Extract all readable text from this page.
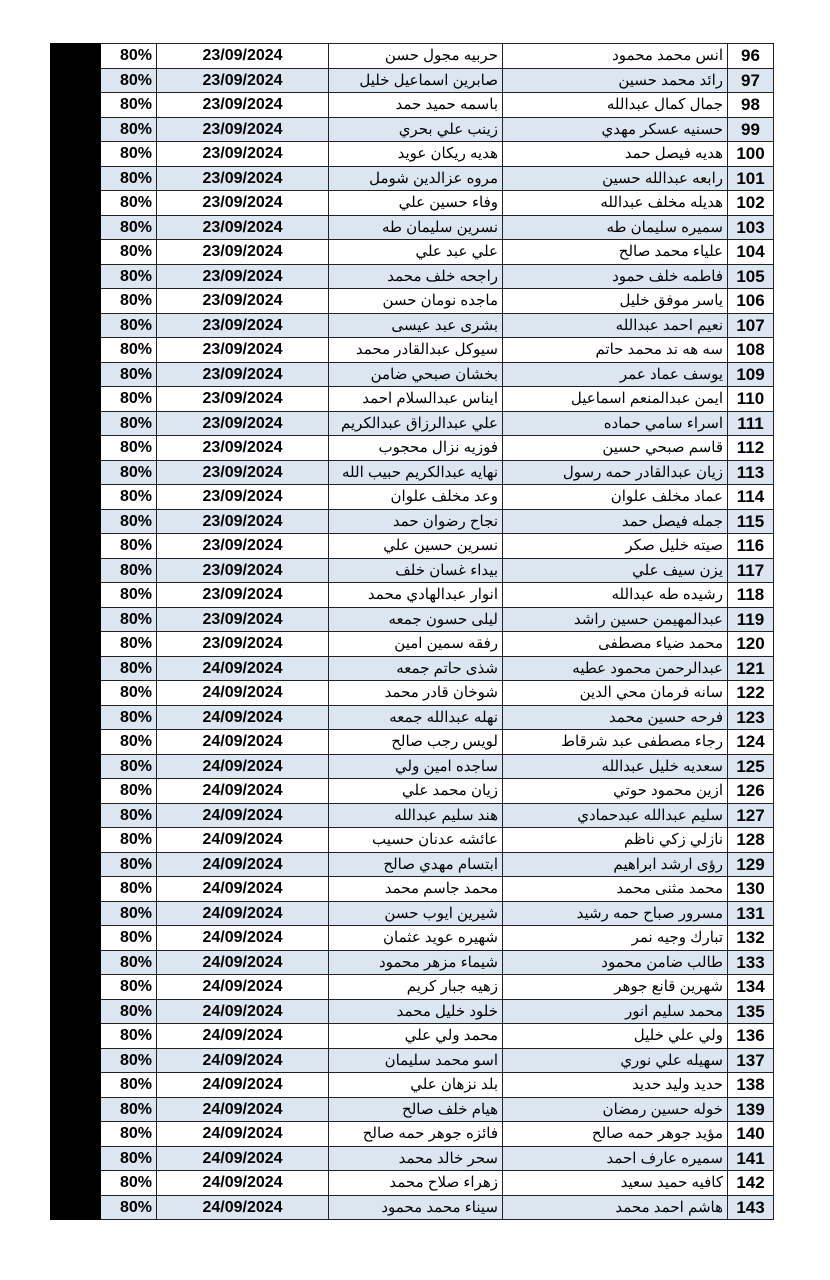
	80%	23/09/2024	حربيه مجول حسن	انس محمد محمود	96
	80%	23/09/2024	صابرين اسماعيل خليل	رائد محمد حسين	97
	80%	23/09/2024	باسمه حميد حمد	جمال كمال عبدالله	98
	80%	23/09/2024	زينب علي بحري	حسنيه عسكر مهدي	99
	80%	23/09/2024	هديه ريكان عويد	هديه فيصل حمد	100
	80%	23/09/2024	مروه عزالدين شومل	رابعه عبدالله حسين	101
	80%	23/09/2024	وفاء حسين علي	هديله مخلف عبدالله	102
	80%	23/09/2024	نسرين سليمان طه	سميره سليمان طه	103
	80%	23/09/2024	علي عبد علي	علياء محمد صالح	104
	80%	23/09/2024	راجحه خلف محمد	فاطمه خلف حمود	105
	80%	23/09/2024	ماجده نومان حسن	ياسر موفق خليل	106
	80%	23/09/2024	بشرى عبد عيسى	نعيم احمد عبدالله	107
	80%	23/09/2024	سيوكل عبدالقادر محمد	سه هه ند محمد حاتم	108
	80%	23/09/2024	بخشان صبحي ضامن	يوسف عماد عمر	109
	80%	23/09/2024	ايناس عبدالسلام احمد	ايمن عبدالمنعم اسماعيل	110
	80%	23/09/2024	علي عبدالرزاق عبدالكريم	اسراء سامي حماده	111
	80%	23/09/2024	فوزيه نزال محجوب	قاسم صبحي حسين	112
	80%	23/09/2024	نهايه عبدالكريم حبيب الله	زيان عبدالقادر حمه رسول	113
	80%	23/09/2024	وعد مخلف علوان	عماد مخلف علوان	114
	80%	23/09/2024	نجاح رضوان حمد	جمله فيصل حمد	115
	80%	23/09/2024	نسرين حسين علي	صيته خليل صكر	116
	80%	23/09/2024	بيداء غسان خلف	يزن سيف علي	117
	80%	23/09/2024	انوار عبدالهادي محمد	رشيده طه عبدالله	118
	80%	23/09/2024	ليلى حسون جمعه	عبدالمهيمن حسين راشد	119
	80%	23/09/2024	رفقه سمين امين	محمد ضياء مصطفى	120
	80%	24/09/2024	شذى حاتم جمعه	عبدالرحمن محمود عطيه	121
	80%	24/09/2024	شوخان قادر محمد	سانه فرمان محي الدين	122
	80%	24/09/2024	نهله عبدالله جمعه	فرحه حسين محمد	123
	80%	24/09/2024	لويس رجب صالح	رجاء مصطفى عبد شرقاط	124
	80%	24/09/2024	ساجده امين ولي	سعديه خليل عبدالله	125
	80%	24/09/2024	زيان محمد علي	ازين محمود حوتي	126
	80%	24/09/2024	هند سليم عبدالله	سليم عبدالله عبدحمادي	127
	80%	24/09/2024	عائشه عدنان حسيب	نازلي زكي ناظم	128
	80%	24/09/2024	ابتسام مهدي صالح	رؤى ارشد ابراهيم	129
	80%	24/09/2024	محمد جاسم محمد	محمد مثنى محمد	130
	80%	24/09/2024	شيرين ايوب حسن	مسرور صباح حمه رشيد	131
	80%	24/09/2024	شهيره عويد عثمان	تبارك وجيه نمر	132
	80%	24/09/2024	شيماء مزهر محمود	طالب ضامن محمود	133
	80%	24/09/2024	زهيه جبار كريم	شهرين قانع جوهر	134
	80%	24/09/2024	خلود خليل محمد	محمد سليم انور	135
	80%	24/09/2024	محمد ولي علي	ولي علي خليل	136
	80%	24/09/2024	اسو محمد سليمان	سهيله علي نوري	137
	80%	24/09/2024	بلد نزهان علي	حديد وليد حديد	138
	80%	24/09/2024	هيام خلف صالح	خوله حسين رمضان	139
	80%	24/09/2024	فائزه جوهر حمه صالح	مؤيد جوهر حمه صالح	140
	80%	24/09/2024	سحر خالد محمد	سميره عارف احمد	141
	80%	24/09/2024	زهراء صلاح محمد	كافيه حميد سعيد	142
	80%	24/09/2024	سيناء محمد محمود	هاشم احمد محمد	143
